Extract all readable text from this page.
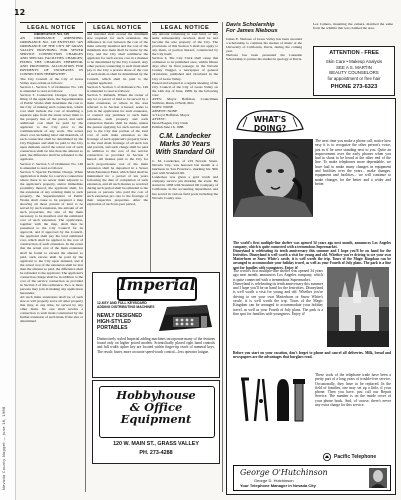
Nevada County Nugget — June 16, 1988
12
LEGAL NOTICE	LEGAL NOTICE	LEGAL NOTICE
ORDINANCE NO. 319
AN ORDINANCE AMENDING ORDINANCE NO. 149 ENTITLED "AN ORDINANCE OF THE CITY OF GRASS VALLEY PROVIDING FOR SEWER SERVICE CONNECTION CHARGES AND SPECIAL FACILITIES CHARGES; FIXING THE CHARGES THEREFOR, AND PROVIDING ALLOCATION FOR PAYMENTS OF INCREASES IN CONNECTION THEREWITH".
The City Council of the City of Grass Valley does ordain as follows:
Section 1. Section 3 of Ordinance No. 149 is amended to read as follows:
Section 3. Connection Charges. Upon the filing of the application, the Superintendent of Public Works shall determine the cost to the City of making such connection, which cost shall include the cost of installing a separate pipe from the street sewer main to the property line of the parcel, and such additional cost shall be paid by the applicant to the City prior to the commencement of any work. The actual direct cost, including labor and materials, of each connection shall be determined by the City Engineer and shall be paid to the City upon demand, and if the actual cost of such connection shall be less than the amount so paid, the difference shall be refunded to the applicant.
Section 2. Section 5 of Ordinance No. 149 is amended to read as follows:
Section 5. Special Facilities Charge. When application is made for a service connection where there is no sewer main adjacent to the applicant's property, and/or immediate proximity thereof, the applicant shall, for the extension of any existing main to such property, the Superintendent of Public Works shall cause to be prepared a map showing all those parcels of land to be served by such extension, the amount of all such properties, the size of the main necessary to be installed, and the estimated cost of such extension. The application, together with the map, shall then be presented to the City Council for its approval, and if approved by the Council, the applicant shall pay the total estimated cost, which shall be applied to the cost of construction of such extension. In the event that the actual cost of the main extension shall be found to exceed the amount so paid, such excess shall be paid by the applicant to the City upon demand, and if the actual cost of the extension shall be less than the amount so paid, the difference shall be refunded to the applicant. The applicant's connection charge shall be in addition to the cost of the service connection as provided in Section 3 of this ordinance. Two or more persons may join in making any application hereunder.
All such main extensions shall be of such size as will properly serve all other property that may, at any time, be served by any other main. No one shall receive a connection to such main constructed by the further extension of such main. If the size or determined
and installed shall exceed the minimum size required for such extension, the difference in cost between the cost of the main actually installed and the cost of the minimum size main shall be borne by the City, and the City shall reimburse the applicant for such excess cost in a manner to be determined by the City Council. Any other person connecting to such main shall pay to the City a prorata share of the cost of such main as shall be determined by the Council, which shall be paid to the original applicant.
Section 3. Section 5 of Ordinance No. 149 is amended to read as follows:
Section 5. Refunds. Where the owner of any lot or parcel of land to be served by a main extension, or where in the area referred to in Section 4 hereof, seeks to join in the application for such extension, or connect any premises to such main extension, such property and each connection thereto shall be made, unless the person applying for such service shall pay to the City that portion of the total cost of such main extension as the frontage of such applicant's property bears to the total main frontage of all such lots and parcels, and such charge shall be paid in addition to the cost of the service connection as provided in Section 3 hereof. All monies paid to the City for such proportionate cost of the main extension shall be deposited in a Sewer Main Extension Fund, which fund shall be maintained for a period of ten years following the date of completion of such extension, and all such monies so received during such period shall be refunded to the person or persons who paid the cost of such extension pro rata to the frontage of their respective properties. After the expiration of such ten-year period,
any amount remaining in said fund, or any sums subsequently received, shall be and become the sole property of the City. The provisions of this Section 5 shall not apply to any main, or portion thereof, constructed by the City itself.
Section 4. The City Clerk shall cause this ordinance to be published once, within fifteen days after its final passage, in the Nevada County Nugget, a newspaper of general circulation, published and circulated in the City of Grass Valley.
Passed and adopted at a regular meeting of the City Council of the City of Grass Valley on the 14th day of June, 1988, by the following vote:
AYES: Mayor Hoffman, Councilmen Sullivan, Dunn, O'Neill, Pitts
NOES: NONE
ABSENT: NONE
/s/ Lloyd Hoffman, Mayor
ATTEST:
Dean Hoegen, City Clerk
Publish June 16, 1988.
C.M. Landecker
Marks 30 Years
With Standard Oil
C. M. Landecker, of 219 Nevada Street, Nevada City, was honored last month at a luncheon in San Francisco, marking his 30th year with Standard Oil.
Landecker was given a gold watch and company service pin marking the event. He started in 1958 with Standard Oil Company of California, in the accounting department, and has served in various field posts including the Nevada County area.
Imperial
12-KEY AND FULL KEYBOARD ADDING DISTRIBUTING MACHINES
NEWLY DESIGNED
HIGH-STYLED
PORTABLES
Distinctively styled Imperial adding machines incorporate many of the features found only on higher priced models. Scientifically placed right hand controls and full width cipher key are located within finger-tip reach of numeral keys. The result: faster, more accurate speed-touch control—less operator fatigue.
Hobbyhouse
& Office
Equipment
120 W. MAIN ST., GRASS VALLEY
PH. 273-4288
Davis Scholarship
For James Niebous
James E. Niebous of Grass Valley has been awarded a scholarship to continue his studies of music at the University of California, Davis, during the coming year.
Niebous has been presented the Lakeside Scholarship to pursue his studies in geology at Davis.
Lee Camera, mounting the camera, matched the same from the wildlife that was claimed the area.
ATTENTION - FREE
Skin Care • Makeup Analysis
SEE A S. MARTIN
BEAUTY COUNSELORS
for appointment or free hair
PHONE 273-6323
WHAT'S DOING?
The next time you make a phone call, notice how easy it is to recognize the other person's voice, just as if he were standing next to you. Quite an improvement over the early phones when you had to shout to be heard at the other end of the line. To make telephones more dependable, we have had to make many changes in equipment and facilities over the years... make changes, equipment and facilities... we will continue to make changes for the better and a wider and better.
The world's first multiple-line shelter was opened 34 years ago next month, announces Los Angeles company, which is quite connected with a tremendous Supermarket.
Disneyland is celebrating its tenth anniversary this summer and I hope you'll be on hand for the festivities. Disneyland is well worth a visit for young and old. Whether you're driving to see your own Matterhorn or Snow White's castle, it is well worth the trip. Tours of the Magic Kingdom can be arranged to accommodate your holiday travel, as well as your Fourth of July plans. The park is a fine spot for families with youngsters. Enjoy it!
The world's first multiple-line shelter was opened 34 years ago next month, announces Los Angeles company, which is quite connected with a tremendous Supermarket.
Disneyland is celebrating its tenth anniversary this summer and I hope you'll be on hand for the festivities. Disneyland is well worth a visit for young and old. Whether you're driving to see your own Matterhorn or Snow White's castle, it is well worth the trip. Tours of the Magic Kingdom can be arranged to accommodate your holiday travel, as well as your Fourth of July plans. The park is a fine spot for families with youngsters. Enjoy it!
Before you start on your vacation, don't forget to phone and cancel all deliveries. Milk, bread and newspapers are the advantages that burglars read.
These tools of the telephone trade have been a pretty part of a long years of trouble-free service. Occasionally, they have to be replaced. In the field of families, one may set up a little, if your phone. Then you have, just call our Repair Service. The number is on the inside cover of your phone book. And, of course, there's never any extra charge for this service.
Pacific Telephone
George O'Hutchinson
George D. Hutchinson
Your Telephone Manager in Nevada City
